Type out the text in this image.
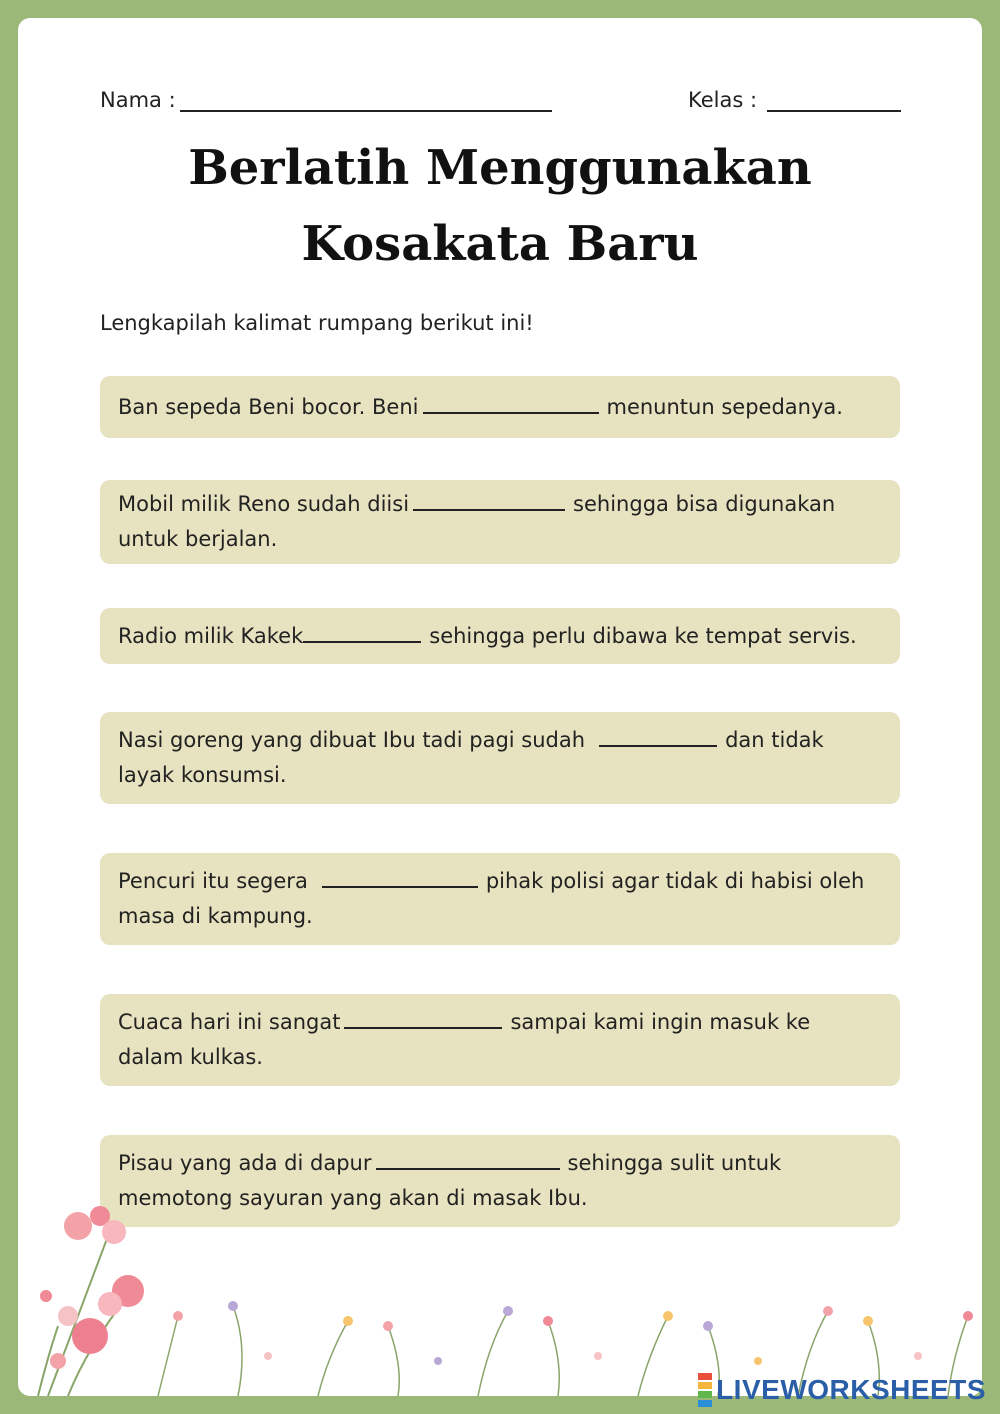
Nama :	Kelas :
Berlatih Menggunakan
Kosakata Baru
Lengkapilah kalimat rumpang berikut ini!
Ban sepeda Beni bocor. Beni	menuntun sepedanya.
Mobil milik Reno sudah diisi	sehingga bisa digunakan untuk berjalan.
Radio milik Kakek	sehingga perlu dibawa ke tempat servis.
Nasi goreng yang dibuat Ibu tadi pagi sudah	dan tidak layak konsumsi.
Pencuri itu segera	pihak polisi agar tidak di habisi oleh masa di kampung.
Cuaca hari ini sangat	sampai kami ingin masuk ke dalam kulkas.
Pisau yang ada di dapur	sehingga sulit untuk memotong sayuran yang akan di masak Ibu.
LIVEWORKSHEETS
